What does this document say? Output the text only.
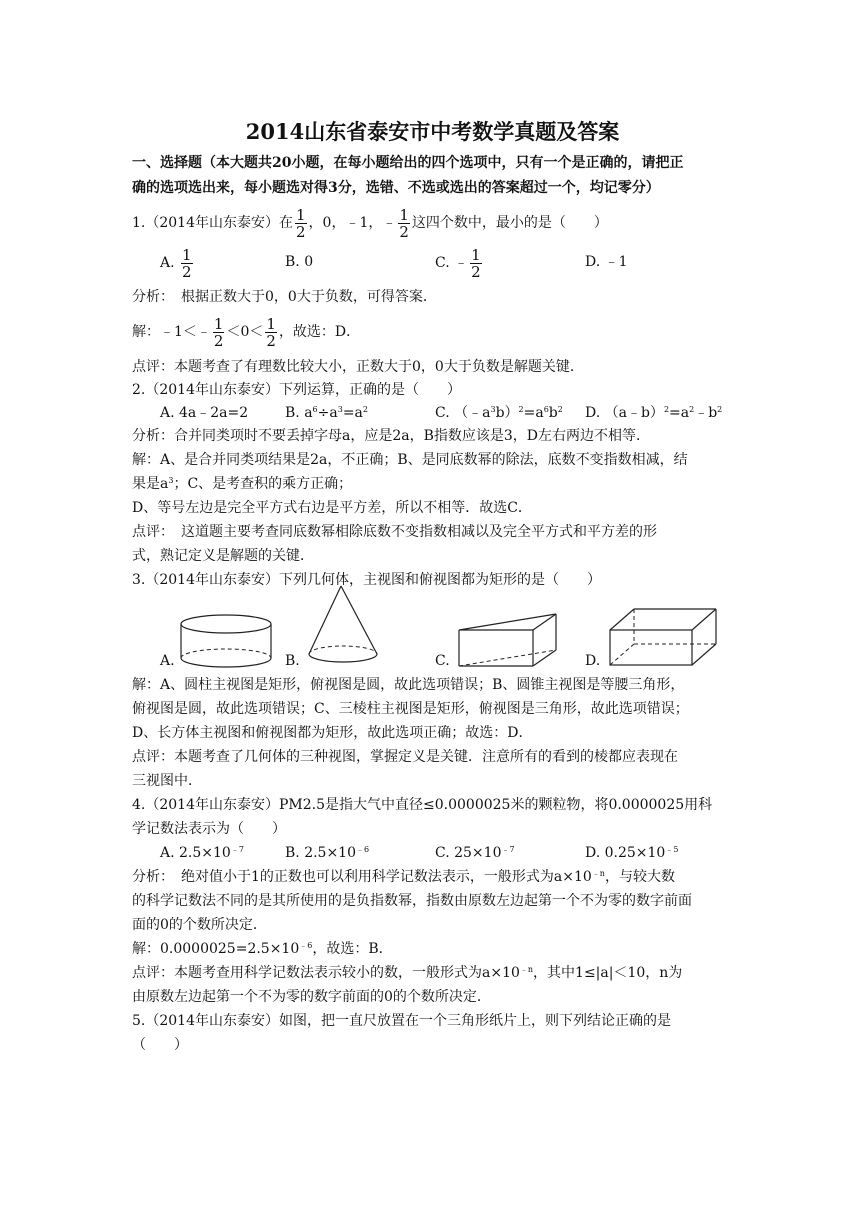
2014山东省泰安市中考数学真题及答案
一、选择题（本大题共20小题，在每小题给出的四个选项中，只有一个是正确的，请把正
确的选项选出来，每小题选对得3分，选错、不选或选出的答案超过一个，均记零分）
1.（2014年山东泰安）在 $\frac{1}{2}$ ，0，﹣1，﹣ $\frac{1}{2}$ 这四个数中，最小的是（　　）
A. $\frac{1}{2}$	B. 0	C. ﹣ $\frac{1}{2}$	D. ﹣1
分析：　根据正数大于0，0大于负数，可得答案．
解：﹣1＜﹣ $\frac{1}{2} <0< \frac{1}{2}$ ，故选：D．
点评：本题考查了有理数比较大小，正数大于0，0大于负数是解题关键．
2.（2014年山东泰安）下列运算，正确的是（　　）
A. 4a﹣2a=2	B. $a^6\div a^3=a^2$	C. $(﹣a^3b)^2=a^6b^2$ D. $(a﹣b)^2=a^2﹣b^2$
分析：合并同类项时不要丢掉字母a，应是2a，B指数应该是3，D左右两边不相等．
解：A、是合并同类项结果是2a，不正确；B、是同底数幂的除法，底数不变指数相减，结
果是$a^3$；C、是考查积的乘方正确；
D、等号左边是完全平方式右边是平方差，所以不相等．故选C．
点评：　这道题主要考查同底数幂相除底数不变指数相减以及完全平方式和平方差的形
式，熟记定义是解题的关键．
3.（2014年山东泰安）下列几何体，主视图和俯视图都为矩形的是（　　）
A.	B.	C.	D.
解：A、圆柱主视图是矩形，俯视图是圆，故此选项错误；B、圆锥主视图是等腰三角形，
俯视图是圆，故此选项错误；C、三棱柱主视图是矩形，俯视图是三角形，故此选项错误；
D、长方体主视图和俯视图都为矩形，故此选项正确；故选：D．
点评：本题考查了几何体的三种视图，掌握定义是关键．注意所有的看到的棱都应表现在
三视图中．
4.（2014年山东泰安）PM2.5是指大气中直径≤0.0000025米的颗粒物，将0.0000025用科
学记数法表示为（　　）
A. $2.5\times 10^{﹣7}$	B. $2.5\times 10^{﹣6}$	C. $25\times 10^{﹣7}$	D. $0.25\times 10^{﹣5}$
分析：　绝对值小于1的正数也可以利用科学记数法表示，一般形式为$a\times 10^{﹣n}$，与较大数
的科学记数法不同的是其所使用的是负指数幂，指数由原数左边起第一个不为零的数字前面
面的0的个数所决定．
解：$0.0000025=2.5\times 10^{﹣6}$，故选：B．
点评：本题考查用科学记数法表示较小的数，一般形式为$a\times 10^{﹣n}$，其中1≤|a|＜10，n为
由原数左边起第一个不为零的数字前面的0的个数所决定．
5.（2014年山东泰安）如图，把一直尺放置在一个三角形纸片上，则下列结论正确的是
（　　）
